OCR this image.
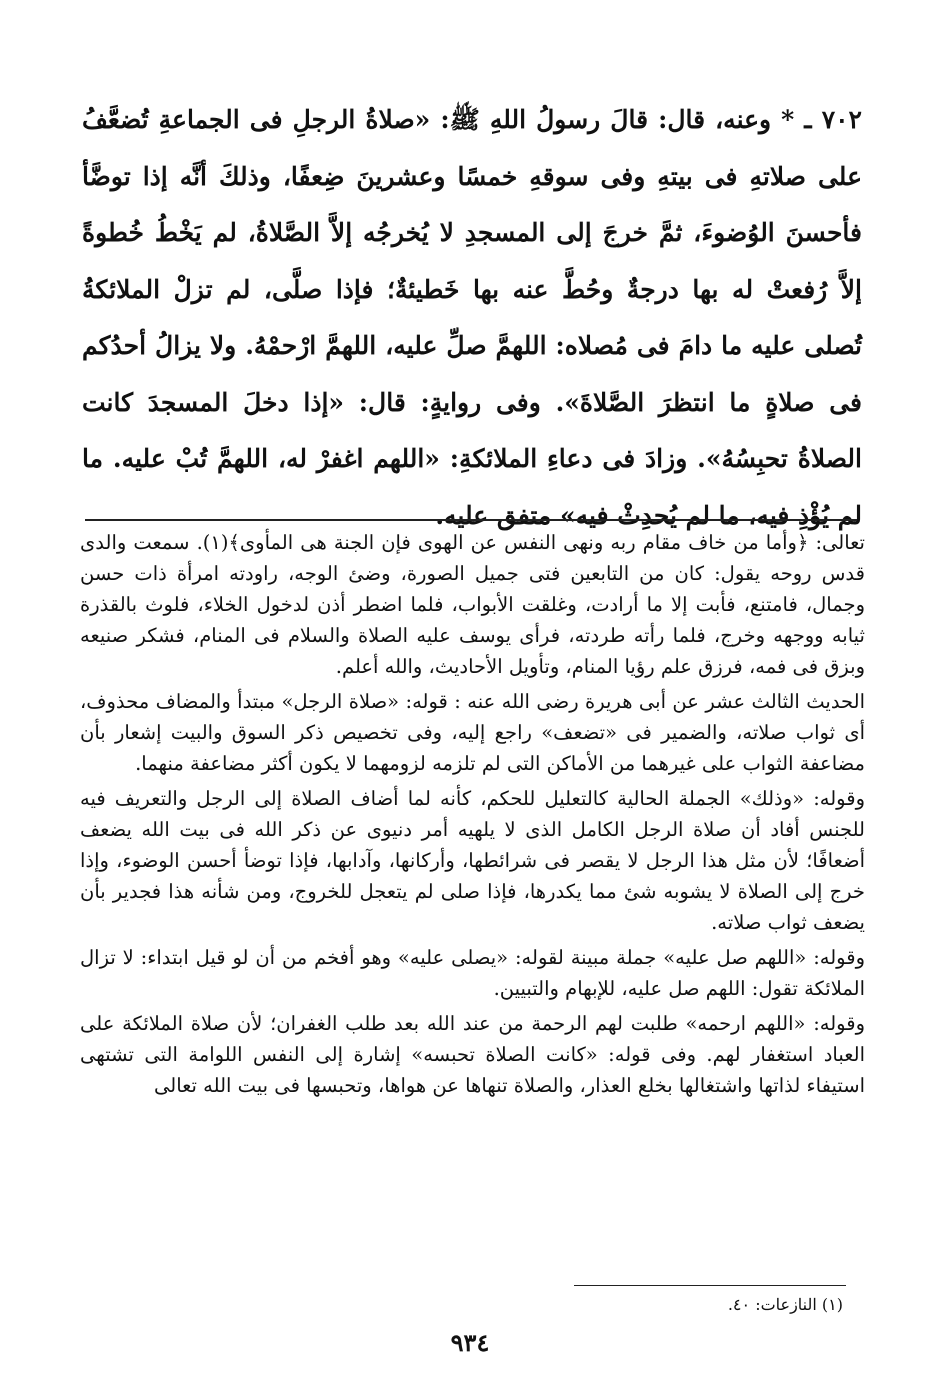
٧٠٢ ـ * وعنه، قال: قالَ رسولُ اللهِ ﷺ: «صلاةُ الرجلِ فى الجماعةِ تُضعَّفُ على صلاتهِ فى بيتهِ وفى سوقهِ خمسًا وعشرينَ ضِعفًا، وذلكَ أنَّه إذا توضَّأ فأحسنَ الوُضوءَ، ثمَّ خرجَ إلى المسجدِ لا يُخرجُه إلاَّ الصَّلاةُ، لم يَخْطُ خُطوةً إلاَّ رُفعتْ له بها درجةٌ وحُطَّ عنه بها خَطيئةٌ؛ فإذا صلَّى، لم تزلْ الملائكةُ تُصلى عليه ما دامَ فى مُصلاه: اللهمَّ صلِّ عليه، اللهمَّ ارْحمْهُ. ولا يزالُ أحدُكم فى صلاةٍ ما انتظرَ الصَّلاةَ». وفى روايةٍ: قال: «إذا دخلَ المسجدَ كانت الصلاةُ تحبِسُهُ». وزادَ فى دعاءِ الملائكةِ: «اللهم اغفرْ له، اللهمَّ تُبْ عليه. ما لم يُؤْذِ فيه، ما لم يُحدِثْ فيه» متفق عليه.

تعالى: ﴿وأما من خاف مقام ربه ونهى النفس عن الهوى فإن الجنة هى المأوى﴾(١). سمعت والدى قدس روحه يقول: كان من التابعين فتى جميل الصورة، وضئ الوجه، راودته امرأة ذات حسن وجمال، فامتنع، فأبت إلا ما أرادت، وغلقت الأبواب، فلما اضطر أذن لدخول الخلاء، فلوث بالقذرة ثيابه ووجهه وخرج، فلما رأته طردته، فرأى يوسف عليه الصلاة والسلام فى المنام، فشكر صنيعه وبزق فى فمه، فرزق علم رؤيا المنام، وتأويل الأحاديث، والله أعلم.

الحديث الثالث عشر عن أبى هريرة رضى الله عنه : قوله: «صلاة الرجل» مبتدأ والمضاف محذوف، أى ثواب صلاته، والضمير فى «تضعف» راجع إليه، وفى تخصيص ذكر السوق والبيت إشعار بأن مضاعفة الثواب على غيرهما من الأماكن التى لم تلزمه لزومهما لا يكون أكثر مضاعفة منهما.

وقوله: «وذلك» الجملة الحالية كالتعليل للحكم، كأنه لما أضاف الصلاة إلى الرجل والتعريف فيه للجنس أفاد أن صلاة الرجل الكامل الذى لا يلهيه أمر دنيوى عن ذكر الله فى بيت الله يضعف أضعافًا؛ لأن مثل هذا الرجل لا يقصر فى شرائطها، وأركانها، وآدابها، فإذا توضأ أحسن الوضوء، وإذا خرج إلى الصلاة لا يشوبه شئ مما يكدرها، فإذا صلى لم يتعجل للخروج، ومن شأنه هذا فجدير بأن يضعف ثواب صلاته.

وقوله: «اللهم صل عليه» جملة مبينة لقوله: «يصلى عليه» وهو أفخم من أن لو قيل ابتداء: لا تزال الملائكة تقول: اللهم صل عليه، للإبهام والتبيين.

وقوله: «اللهم ارحمه» طلبت لهم الرحمة من عند الله بعد طلب الغفران؛ لأن صلاة الملائكة على العباد استغفار لهم. وفى قوله: «كانت الصلاة تحبسه» إشارة إلى النفس اللوامة التى تشتهى استيفاء لذاتها واشتغالها بخلع العذار، والصلاة تنهاها عن هواها، وتحبسها فى بيت الله تعالى

(١) النازعات: ٤٠.
٩٣٤
